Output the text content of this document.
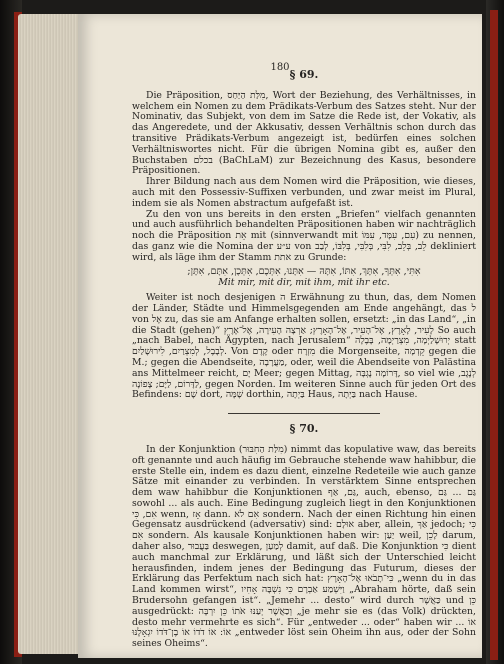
180
§ 69.

Die Präposition, מִלַּת הַיַּחַס, Wort der Beziehung, des Verhältnisses, in welchem ein Nomen zu dem Prädikats-Verbum des Satzes steht. Nur der Nominativ, das Subjekt, von dem im Satze die Rede ist, der Vokativ, als das Angeredete, und der Akkusativ, dessen Verhältnis schon durch das transitive Prädikats-Verbum angezeigt ist, bedürfen eines solchen Verhältniswortes nicht. Für die übrigen Nomina gibt es, außer den Buchstaben בכלם (BaChLaM) zur Bezeichnung des Kasus, besondere Präpositionen.

Ihrer Bildung nach aus dem Nomen wird die Präposition, wie dieses, auch mit den Possessiv-Suffixen verbunden, und zwar meist im Plural, indem sie als Nomen abstractum aufgefaßt ist.

Zu den von uns bereits in den ersten „Briefen“ vielfach genannten und auch ausführlich behandelten Präpositionen haben wir nachträglich noch die Präposition אֵת mit (sinnverwandt mit עִם, עִמָּד, עִמּוֹ) zu nennen, das ganz wie die Nomina der ע״ע von לֵב, בְּלֵב, לִבִּי, בְּלִבִּי, בְּלִבּוֹ, לְבַב dekliniert wird, als läge ihm der Stamm אתת zu Grunde:

אִתִּי, אִתְּךָ, אִתָּךְ, אִתּוֹ, אִתָּהּ — אִתָּנוּ, אִתְּכֶם, אִתְּכֶן, אִתָּם, אִתָּן;
Mit mir, mit dir, mit ihm, mit ihr etc.

Weiter ist noch desjenigen ה Erwähnung zu thun, das, dem Nomen der Länder, Städte und Himmelsgegenden am Ende angehängt, das ל von אֶל zu, das sie am Anfange erhalten sollen, ersetzt: „in das Land“, „in die Stadt (gehen)“ לָעִיר, לָאָרֶץ, אֶל־הָעִיר, אֶל־הָאָרֶץ; אַרְצָה הָעִירָה, אֶל־אֶרֶץ So auch „nach Babel, nach Ägypten, nach Jerusalem“ יְרוּשָׁלַיְמָה, מִצְרַיְמָה, בָּבֶלָה statt לְבָבֶל, לְמִצְרַיִם, לִירוּשָׁלַיִם. Von קֶדֶם oder מִזְרָח die Morgenseite, קֵדְמָה gegen die M.; gegen die Abendseite, מַעֲרָבָה, oder, weil die Abendseite von Palästina ans Mittelmeer reicht, יָם Meer; gegen Mittag, דָּרוֹמָה נֶגְבָּה, so viel wie לְנֶגֶב, לַדָּרוֹם, לַיָּם; צָפוֹנָה, gegen Norden. Im weiteren Sinne auch für jeden Ort des Befindens: שָׁם dort, שָׁמָּה dorthin, בַּיְתָה Haus, בַּיְתָה nach Hause.

§ 70.

In der Konjunktion (מִלַּת הַחִבּוּר) nimmt das kopulative waw, das bereits oft genannte und auch häufig im Gebrauche stehende waw hahibbur, die erste Stelle ein, indem es dazu dient, einzelne Redeteile wie auch ganze Sätze mit einander zu verbinden. In verstärktem Sinne entsprechen dem waw hahibbur die Konjunktionen גַּם, אַף, auch, ebenso, גַּם ... גַּם sowohl ... als auch. Eine Bedingung zugleich liegt in den Konjunktionen אִם, כִּי wenn, אָז dann. אִם לֹא sondern. Nach der einen Richtung hin einen Gegensatz ausdrückend (adversativ) sind: אוּלָם aber, allein, אַךְ jedoch; כִּי אִם sondern. Als kausale Konjunktionen haben wir: יַעַן weil, לָכֵן darum, daher also, בַּעֲבוּר deswegen, לְמַעַן damit, auf daß. Die Konjunktion כִּי dient auch manchmal zur Erklärung, und läßt sich der Unterschied leicht herausfinden, indem jenes der Bedingung das Futurum, dieses der Erklärung das Perfektum nach sich hat: כִּי־תָבֹאוּ אֶל־הָאָרֶץ „wenn du in das Land kommen wirst“, וַיִּשְׁמַע אַבְרָם כִּי נִשְׁבָּה אָחִיו „Abraham hörte, daß sein Brudersohn gefangen ist“. „Jemehr ... desto“ wird durch כַּאֲשֶׁר und כֵּן ausgedrückt: וְכַאֲשֶׁר יְעַנּוּ אֹתוֹ כֵּן יִרְבֶּה „je mehr sie es (das Volk) drückten, desto mehr vermehrte es sich“. Für „entweder ... oder“ haben wir אוֹ ... אוֹ: אוֹ דֹדוֹ אוֹ בֶן־דֹּדוֹ יִגְאָלֶנּוּ „entweder löst sein Oheim ihn aus, oder der Sohn seines Oheims“.
